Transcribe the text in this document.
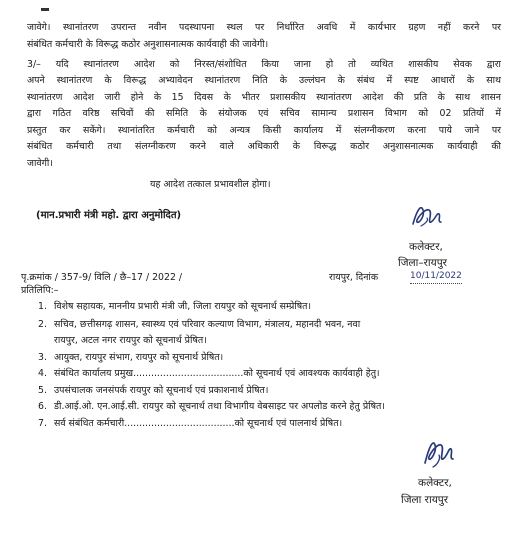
जावेगे। स्थानांतरण उपरान्त नवीन पदस्थापना स्थल पर निर्धारित अवधि में कार्यभार ग्रहण नहीं करने पर
संबंधित कर्मचारी के विरूद्ध कठोर अनुशासनात्मक कार्यवाही की जावेगी।
3/– यदि स्थानांतरण आदेश को निरस्त/संशोधित किया जाना हो तो व्यथित शासकीय सेवक द्वारा
अपने स्थानांतरण के विरूद्ध अभ्यावेदन स्थानांतरण निति के उल्लंघन के संबंध में स्पष्ट आधारों के साथ
स्थानांतरण आदेश जारी होने के 15 दिवस के भीतर प्रशासकीय स्थानांतरण आदेश की प्रति के साथ शासन
द्वारा गठित वरिष्ठ सचिवों की समिति के संयोजक एवं सचिव सामान्य प्रशासन विभाग को 02 प्रतियों में
प्रस्तुत कर सकेंगे। स्थानांतरित कर्मचारी को अन्यत्र किसी कार्यालय में संलग्नीकरण करना पाये जाने पर
संबंधित कर्मचारी तथा संलग्नीकरण करने वाले अधिकारी के विरूद्ध कठोर अनुशासनात्मक कार्यवाही की
जावेगी।
यह आदेश तत्काल प्रभावशील होगा।
(मान.प्रभारी मंत्री महो. द्वारा अनुमोदित)
कलेक्टर,
जिला–रायपुर
पृ.क्रमांक / 357-9/ विलि / छै–17 / 2022 /	रायपुर, दिनांक	10/11/2022
प्रतिलिपि:–
1. विशेष सहायक, माननीय प्रभारी मंत्री जी, जिला रायपुर को सूचनार्थ सम्प्रेषित।
2. सचिव, छत्तीसगढ़ शासन, स्वास्थ्य एवं परिवार कल्याण विभाग, मंत्रालय, महानदी भवन, नवा
रायपुर, अटल नगर रायपुर को सूचनार्थ प्रेषित।
3. आयुक्त, रायपुर संभाग, रायपुर को सूचनार्थ प्रेषित।
4. संबंधित कार्यालय प्रमुख.....................................को सूचनार्थ एवं आवश्यक कार्यवाही हेतु।
5. उपसंचालक जनसंपर्क रायपुर को सूचनार्थ एवं प्रकाशनार्थ प्रेषित।
6. डी.आई.ओ. एन.आई.सी. रायपुर को सूचनार्थ तथा विभागीय वेबसाइट पर अपलोड करने हेतु प्रेषित।
7. सर्व संबंधित कर्मचारी.....................................को सूचनार्थ एवं पालनार्थ प्रेषित।
कलेक्टर,
जिला रायपुर
